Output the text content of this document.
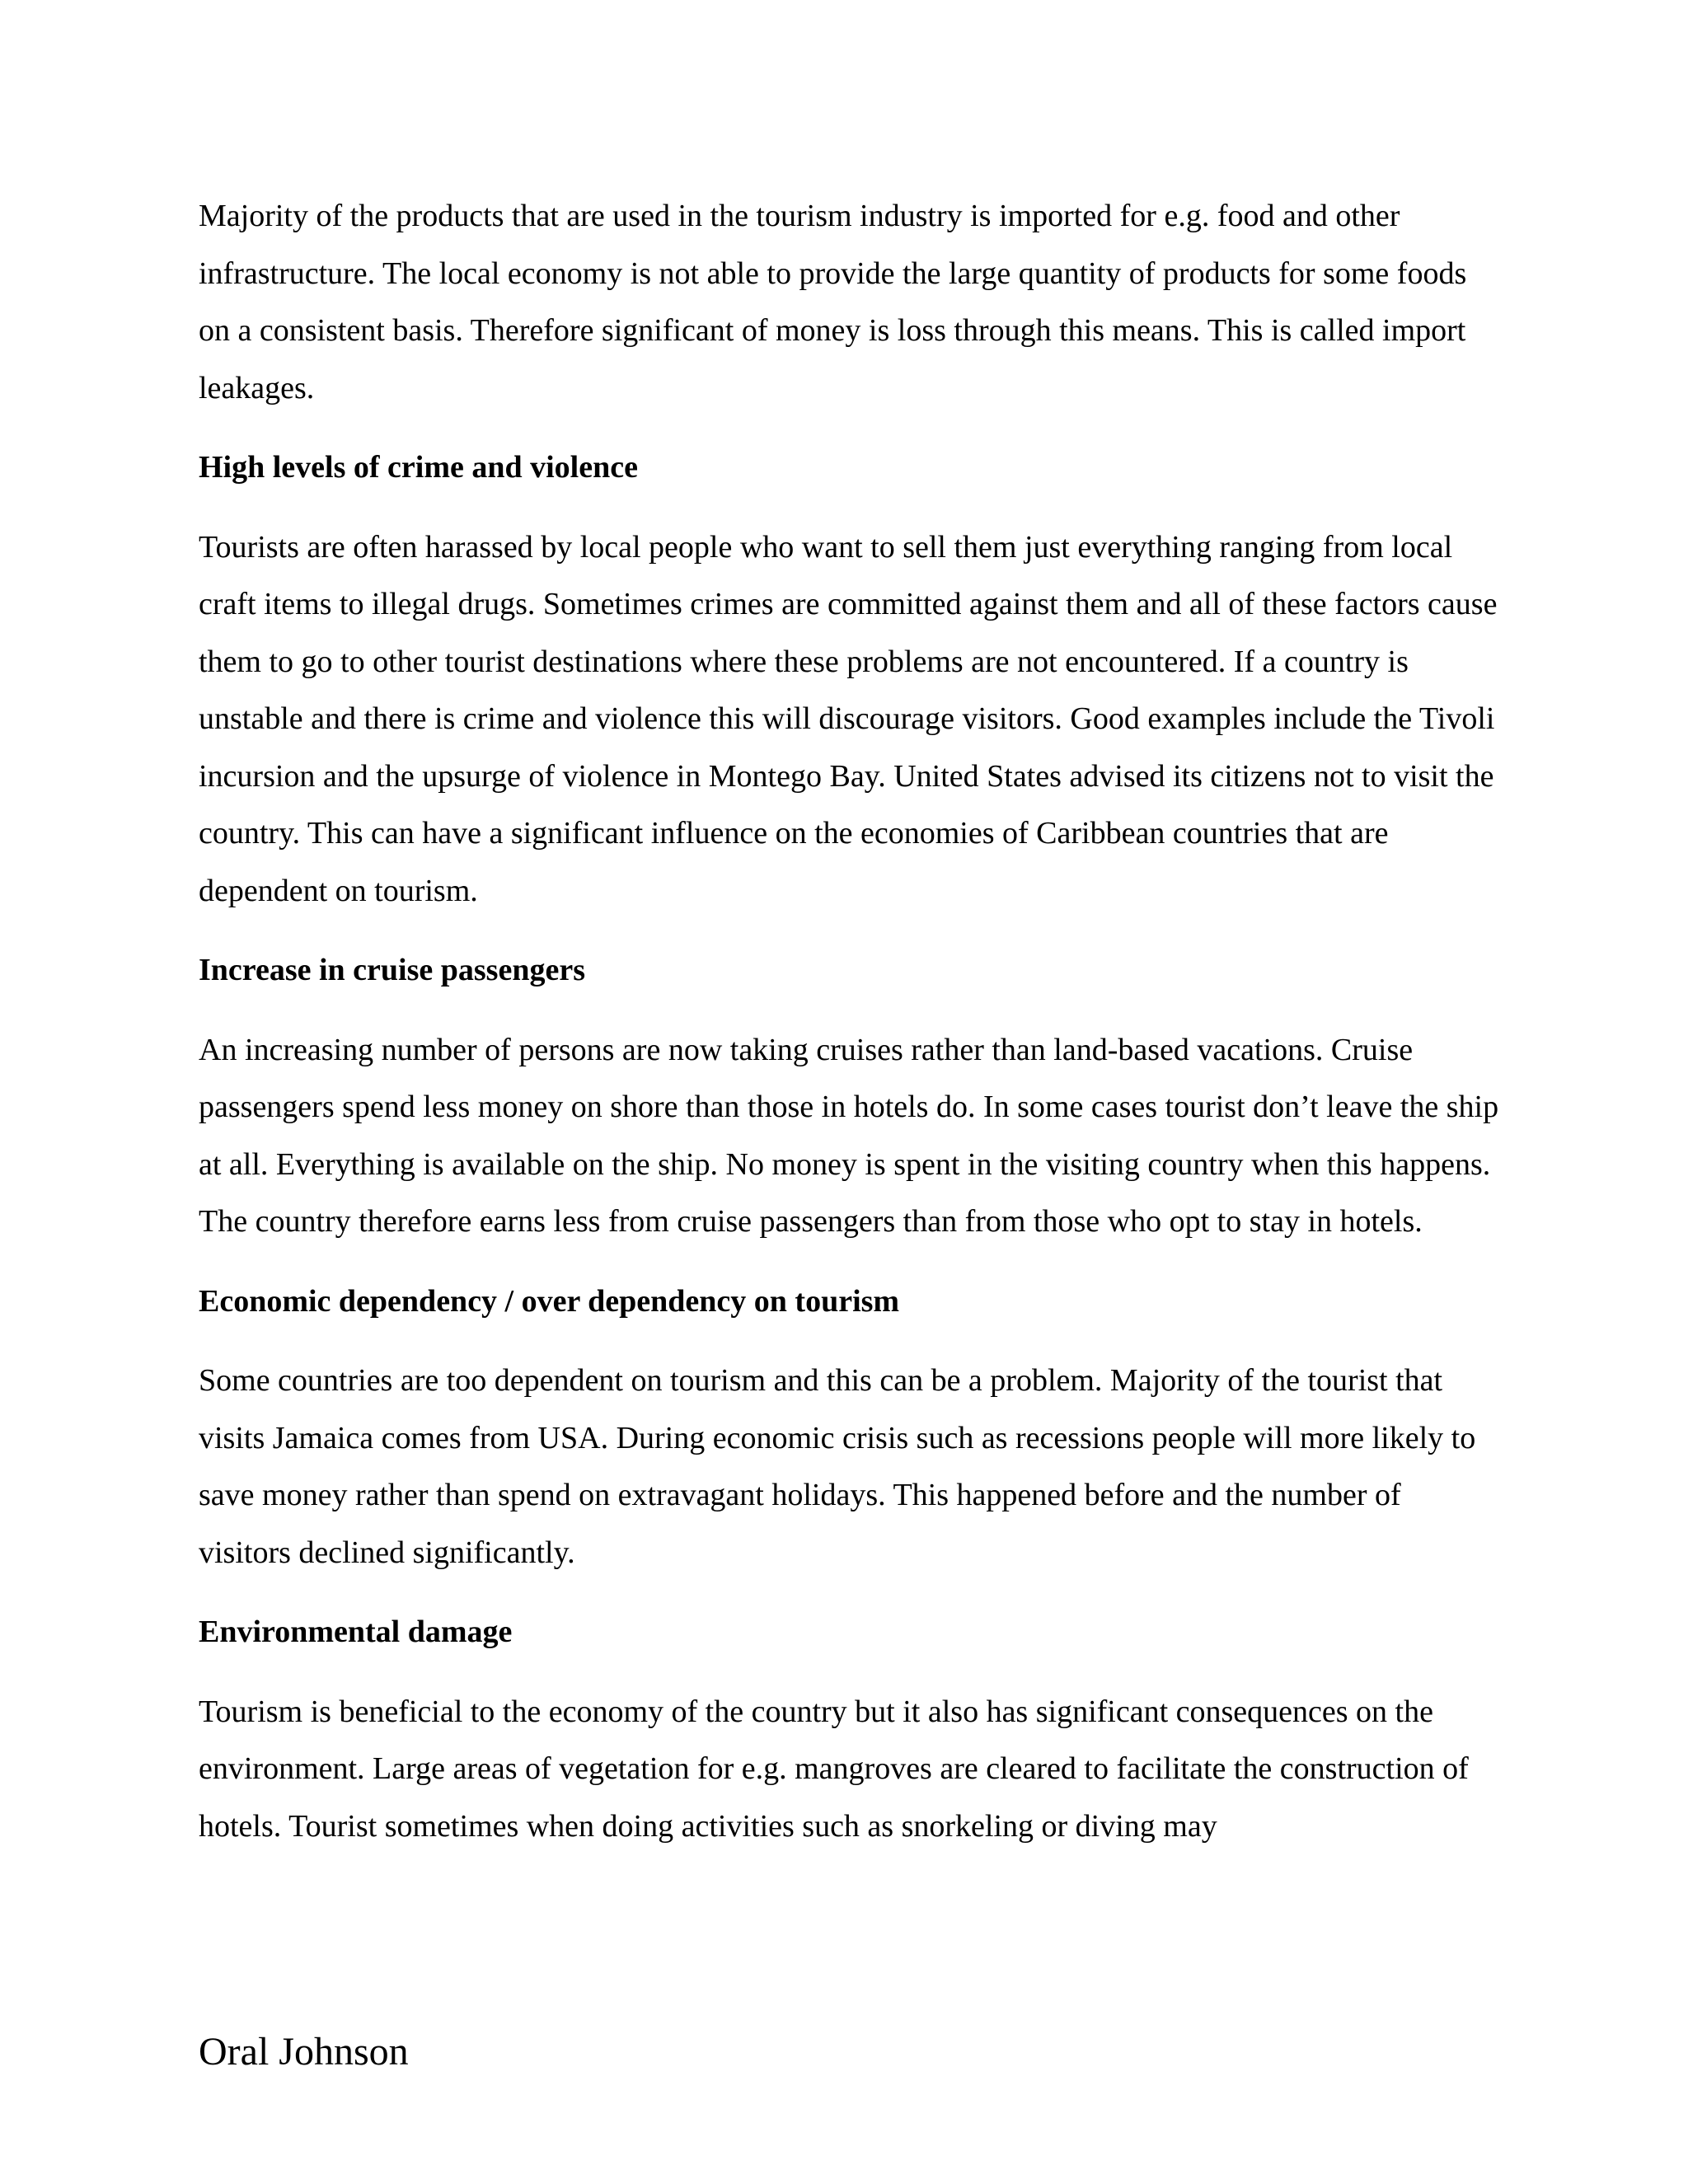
Majority of the products that are used in the tourism industry is imported for e.g. food and other infrastructure. The local economy is not able to provide the large quantity of products for some foods on a consistent basis. Therefore significant of money is loss through this means. This is called import leakages.

High levels of crime and violence

Tourists are often harassed by local people who want to sell them just everything ranging from local craft items to illegal drugs. Sometimes crimes are committed against them and all of these factors cause them to go to other tourist destinations where these problems are not encountered. If a country is unstable and there is crime and violence this will discourage visitors. Good examples include the Tivoli incursion and the upsurge of violence in Montego Bay. United States advised its citizens not to visit the country. This can have a significant influence on the economies of Caribbean countries that are dependent on tourism.

Increase in cruise passengers

An increasing number of persons are now taking cruises rather than land-based vacations. Cruise passengers spend less money on shore than those in hotels do. In some cases tourist don’t leave the ship at all. Everything is available on the ship. No money is spent in the visiting country when this happens. The country therefore earns less from cruise passengers than from those who opt to stay in hotels.

Economic dependency / over dependency on tourism

Some countries are too dependent on tourism and this can be a problem. Majority of the tourist that visits Jamaica comes from USA. During economic crisis such as recessions people will more likely to save money rather than spend on extravagant holidays. This happened before and the number of visitors declined significantly.

Environmental damage

Tourism is beneficial to the economy of the country but it also has significant consequences on the environment. Large areas of vegetation for e.g. mangroves are cleared to facilitate the construction of hotels. Tourist sometimes when doing activities such as snorkeling or diving may

Oral Johnson
